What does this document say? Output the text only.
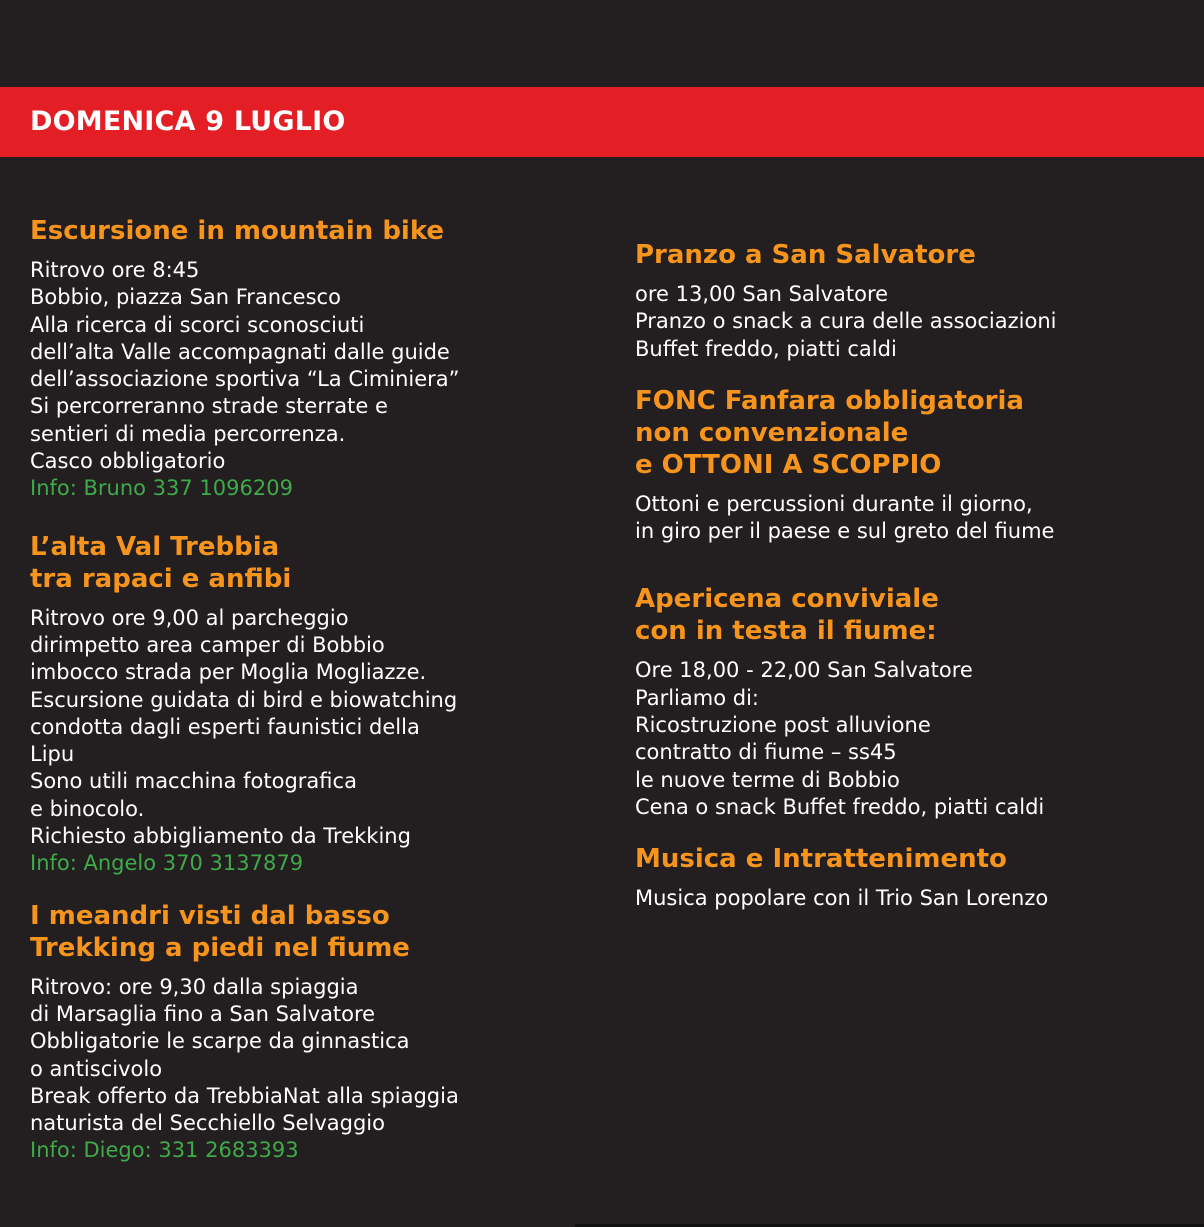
DOMENICA 9 LUGLIO
Escursione in mountain bike
Ritrovo ore 8:45
Bobbio, piazza San Francesco
Alla ricerca di scorci sconosciuti
dell’alta Valle accompagnati dalle guide
dell’associazione sportiva “La Ciminiera”
Si percorreranno strade sterrate e
sentieri di media percorrenza.
Casco obbligatorio
Info: Bruno 337 1096209
L’alta Val Trebbia
tra rapaci e anfibi
Ritrovo ore 9,00 al parcheggio
dirimpetto area camper di Bobbio
imbocco strada per Moglia Mogliazze.
Escursione guidata di bird e biowatching
condotta dagli esperti faunistici della
Lipu
Sono utili macchina fotografica
e binocolo.
Richiesto abbigliamento da Trekking
Info: Angelo 370 3137879
I meandri visti dal basso
Trekking a piedi nel fiume
Ritrovo: ore 9,30 dalla spiaggia
di Marsaglia fino a San Salvatore
Obbligatorie le scarpe da ginnastica
o antiscivolo
Break offerto da TrebbiaNat alla spiaggia
naturista del Secchiello Selvaggio
Info: Diego: 331 2683393
Pranzo a San Salvatore
ore 13,00 San Salvatore
Pranzo o snack a cura delle associazioni
Buffet freddo, piatti caldi
FONC Fanfara obbligatoria
non convenzionale
e OTTONI A SCOPPIO
Ottoni e percussioni durante il giorno,
in giro per il paese e sul greto del fiume
Apericena conviviale
con in testa il fiume:
Ore 18,00 - 22,00 San Salvatore
Parliamo di:
Ricostruzione post alluvione
contratto di fiume – ss45
le nuove terme di Bobbio
Cena o snack Buffet freddo, piatti caldi
Musica e Intrattenimento
Musica popolare con il Trio San Lorenzo
